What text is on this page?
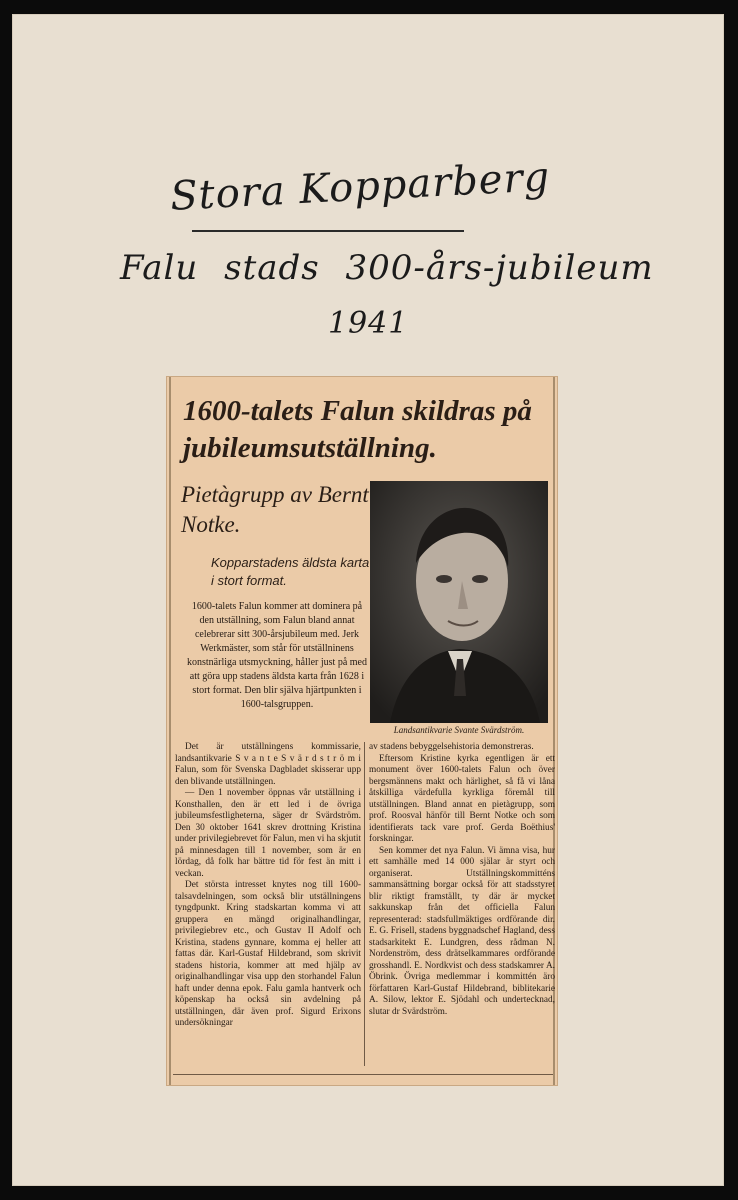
Stora Kopparberg
Falu stads 300-års-jubileum
1941
1600-talets Falun skildras på jubileumsutställning.
Pietàgrupp av Bernt Notke.
Kopparstadens äldsta karta i stort format.
1600-talets Falun kommer att dominera på den utställning, som Falun bland annat celebrerar sitt 300-årsjubileum med. Jerk Werkmäster, som står för utställninens konstnärliga utsmyckning, håller just på med att göra upp stadens äldsta karta från 1628 i stort format. Den blir själva hjärtpunkten i 1600-talsgruppen.
Landsantikvarie Svante Svärdström.

Det är utställningens kommissarie, landsantikvarie S v a n t e S v ä r d s t r ö m i Falun, som för Svenska Dagbladet skisserar upp den blivande utställningen.

— Den 1 november öppnas vår utställning i Konsthallen, den är ett led i de övriga jubileumsfestligheterna, säger dr Svärdström. Den 30 oktober 1641 skrev drottning Kristina under privilegiebrevet för Falun, men vi ha skjutit på minnesdagen till 1 november, som är en lördag, då folk har bättre tid för fest än mitt i veckan.

Det största intresset knytes nog till 1600-talsavdelningen, som också blir utställningens tyngdpunkt. Kring stadskartan komma vi att gruppera en mängd originalhandlingar, privilegiebrev etc., och Gustav II Adolf och Kristina, stadens gynnare, komma ej heller att fattas där. Karl-Gustaf Hildebrand, som skrivit stadens historia, kommer att med hjälp av originalhandlingar visa upp den storhandel Falun haft under denna epok. Falu gamla hantverk och köpenskap ha också sin avdelning på utställningen, där även prof. Sigurd Erixons undersökningar

av stadens bebyggelsehistoria demonstreras.

Eftersom Kristine kyrka egentligen är ett monument över 1600-talets Falun och över bergsmännens makt och härlighet, så få vi låna åtskilliga värdefulla kyrkliga föremål till utställningen. Bland annat en pietàgrupp, som prof. Roosval hänför till Bernt Notke och som identifierats tack vare prof. Gerda Boëthius' forskningar.

Sen kommer det nya Falun. Vi ämna visa, hur ett samhälle med 14 000 själar är styrt och organiserat. Utställningskommitténs sammansättning borgar också för att stadsstyret blir riktigt framställt, ty där är mycket sakkunskap från det officiella Falun representerad: stadsfullmäktiges ordförande dir. E. G. Frisell, stadens byggnadschef Hagland, dess stadsarkitekt E. Lundgren, dess rådman N. Nordenström, dess drätselkammares ordförande grosshandl. E. Nordkvist och dess stadskamrer A. Öbrink. Övriga medlemmar i kommittén äro författaren Karl-Gustaf Hildebrand, biblitekarie A. Silow, lektor E. Sjödahl och undertecknad, slutar dr Svärdström.
